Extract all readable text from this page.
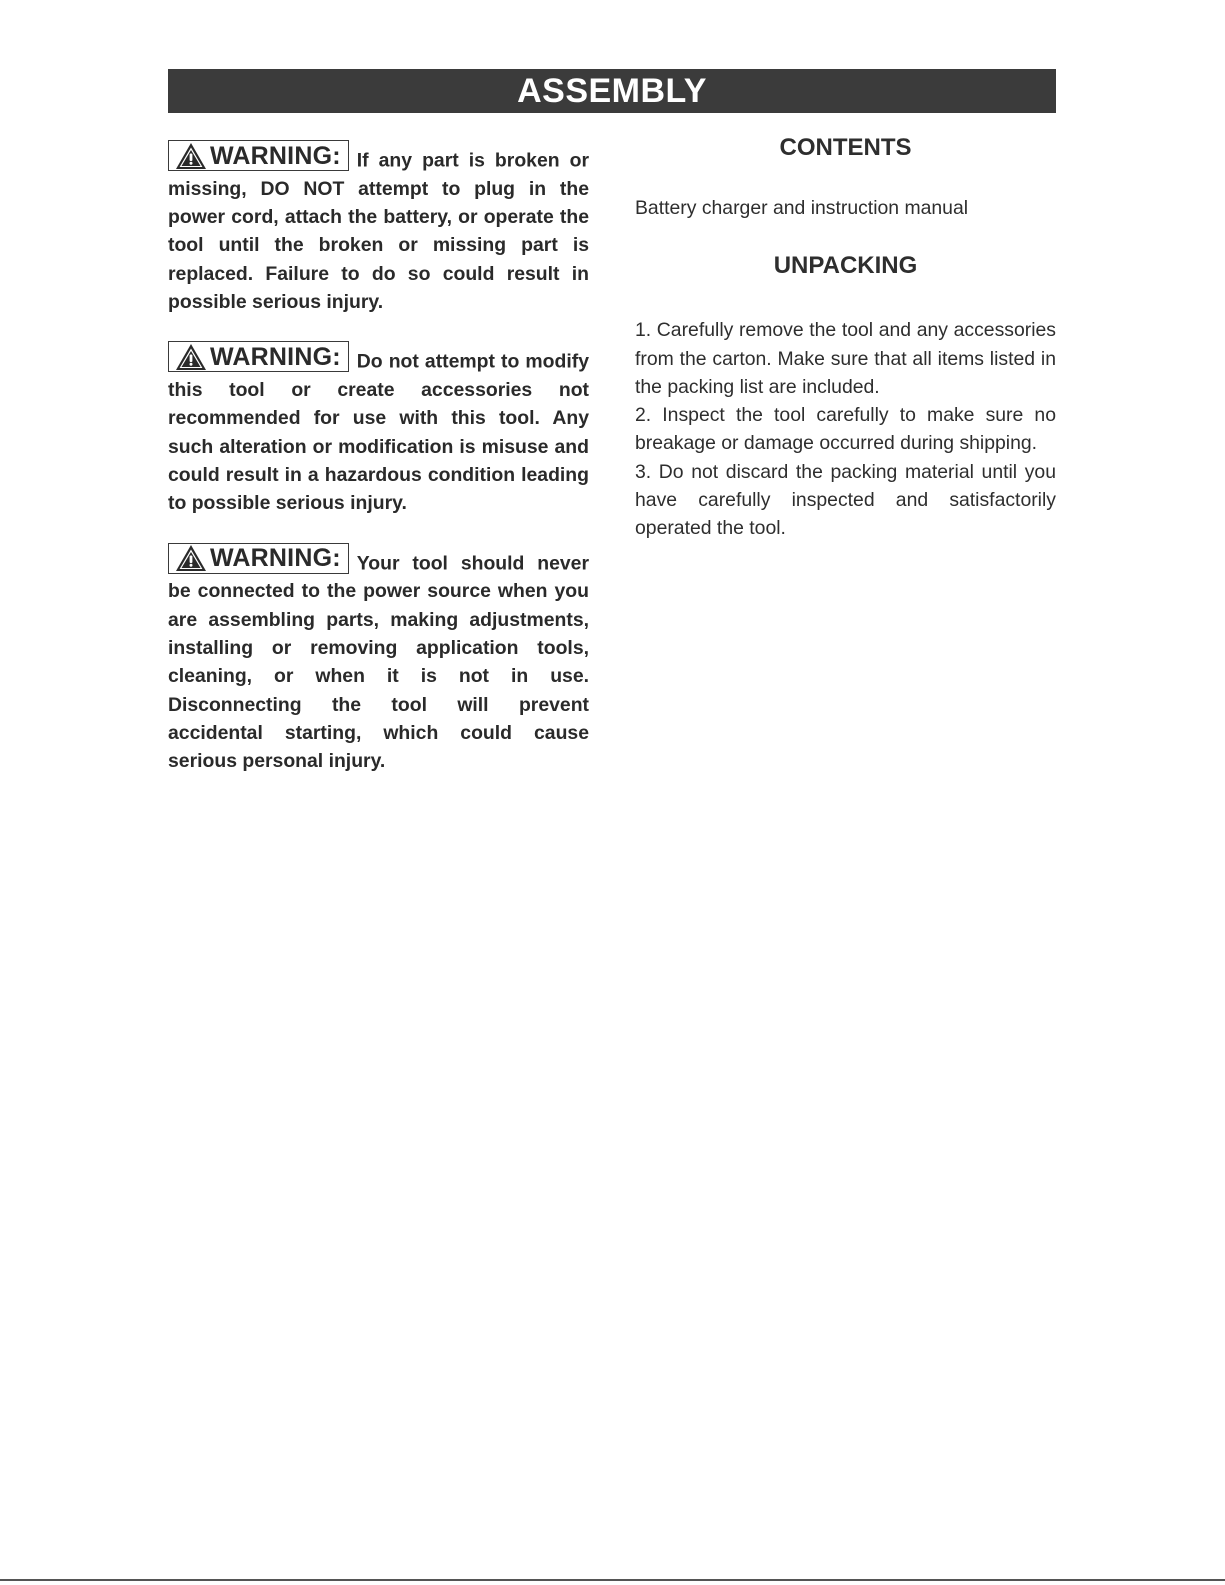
ASSEMBLY

WARNING: If any part is broken or missing, DO NOT attempt to plug in the power cord, attach the battery, or operate the tool until the broken or missing part is replaced. Failure to do so could result in possible serious injury.

WARNING: Do not attempt to modify this tool or create accessories not recommended for use with this tool. Any such alteration or modification is misuse and could result in a hazardous condition leading to possible serious injury.

WARNING: Your tool should never be connected to the power source when you are assembling parts, making adjustments, installing or removing application tools, cleaning, or when it is not in use. Disconnecting the tool will prevent accidental starting, which could cause serious personal injury.

CONTENTS

Battery charger and instruction manual

UNPACKING
1. Carefully remove the tool and any accessories from the carton. Make sure that all items listed in the packing list are included.
2. Inspect the tool carefully to make sure no breakage or damage occurred during shipping.
3. Do not discard the packing material until you have carefully inspected and satisfactorily operated the tool.
